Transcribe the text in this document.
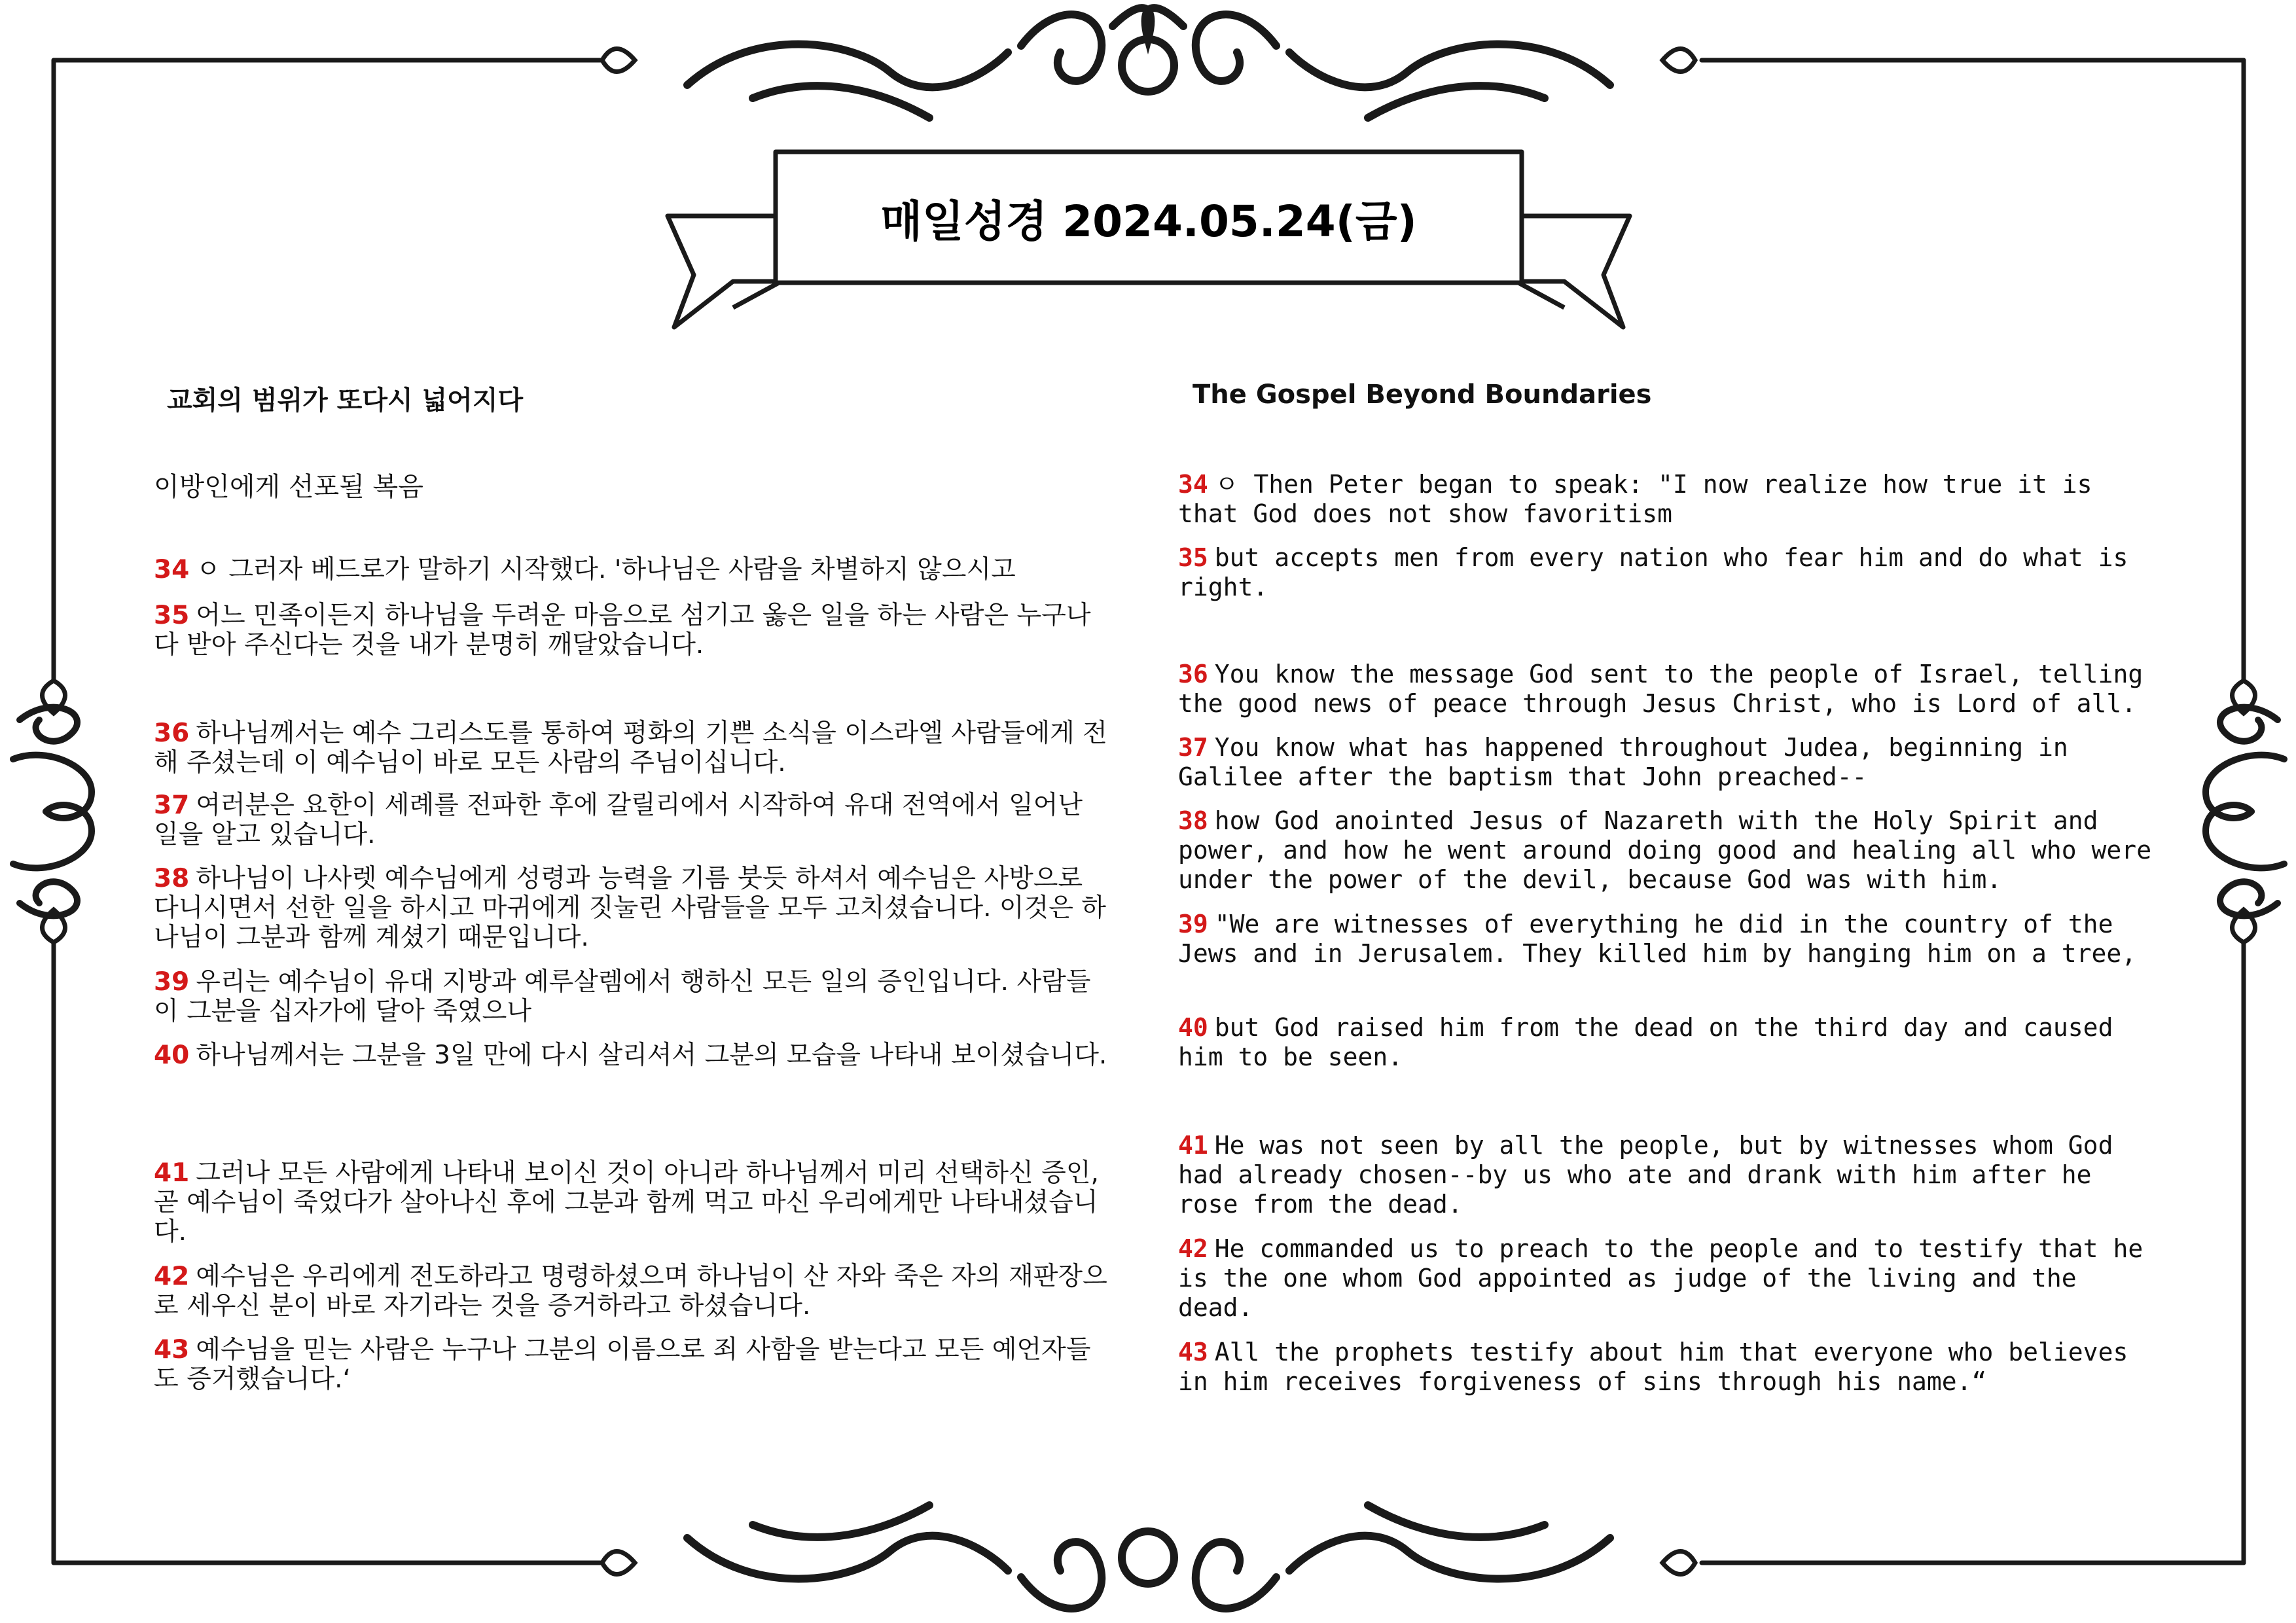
매일성경 2024.05.24(금)
교회의 범위가 또다시 넓어지다
이방인에게 선포될 복음
34 ㅇ 그러자 베드로가 말하기 시작했다. '하나님은 사람을 차별하지 않으시고
35 어느 민족이든지 하나님을 두려운 마음으로 섬기고 옳은 일을 하는 사람은 누구나 다 받아 주신다는 것을 내가 분명히 깨달았습니다.
36 하나님께서는 예수 그리스도를 통하여 평화의 기쁜 소식을 이스라엘 사람들에게 전해 주셨는데 이 예수님이 바로 모든 사람의 주님이십니다.
37 여러분은 요한이 세례를 전파한 후에 갈릴리에서 시작하여 유대 전역에서 일어난 일을 알고 있습니다.
38 하나님이 나사렛 예수님에게 성령과 능력을 기름 붓듯 하셔서 예수님은 사방으로 다니시면서 선한 일을 하시고 마귀에게 짓눌린 사람들을 모두 고치셨습니다. 이것은 하나님이 그분과 함께 계셨기 때문입니다.
39 우리는 예수님이 유대 지방과 예루살렘에서 행하신 모든 일의 증인입니다. 사람들이 그분을 십자가에 달아 죽였으나
40 하나님께서는 그분을 3일 만에 다시 살리셔서 그분의 모습을 나타내 보이셨습니다.
41 그러나 모든 사람에게 나타내 보이신 것이 아니라 하나님께서 미리 선택하신 증인, 곧 예수님이 죽었다가 살아나신 후에 그분과 함께 먹고 마신 우리에게만 나타내셨습니다.
42 예수님은 우리에게 전도하라고 명령하셨으며 하나님이 산 자와 죽은 자의 재판장으로 세우신 분이 바로 자기라는 것을 증거하라고 하셨습니다.
43 예수님을 믿는 사람은 누구나 그분의 이름으로 죄 사함을 받는다고 모든 예언자들도 증거했습니다.‘
The Gospel Beyond Boundaries
34 ㅇ Then Peter began to speak: "I now realize how true it is that God does not show favoritism
35 but accepts men from every nation who fear him and do what is right.
36 You know the message God sent to the people of Israel, telling the good news of peace through Jesus Christ, who is Lord of all.
37 You know what has happened throughout Judea, beginning in Galilee after the baptism that John preached--
38 how God anointed Jesus of Nazareth with the Holy Spirit and power, and how he went around doing good and healing all who were under the power of the devil, because God was with him.
39 "We are witnesses of everything he did in the country of the Jews and in Jerusalem. They killed him by hanging him on a tree,
40 but God raised him from the dead on the third day and caused him to be seen.
41 He was not seen by all the people, but by witnesses whom God had already chosen--by us who ate and drank with him after he rose from the dead.
42 He commanded us to preach to the people and to testify that he is the one whom God appointed as judge of the living and the dead.
43 All the prophets testify about him that everyone who believes in him receives forgiveness of sins through his name.“
